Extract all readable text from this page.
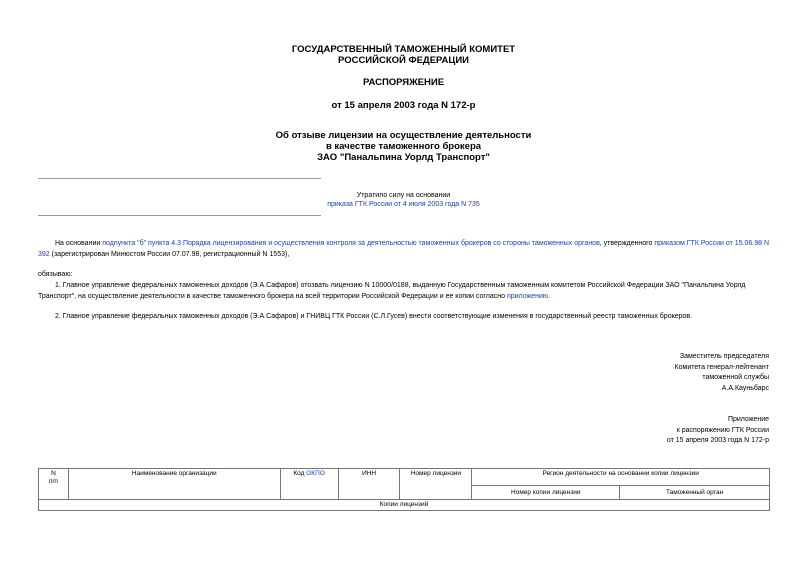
ГОСУДАРСТВЕННЫЙ ТАМОЖЕННЫЙ КОМИТЕТ
РОССИЙСКОЙ ФЕДЕРАЦИИ
РАСПОРЯЖЕНИЕ
от 15 апреля 2003 года N 172-р
Об отзыве лицензии на осуществление деятельности
в качестве таможенного брокера
ЗАО "Панальпина Уорлд Транспорт"
Утратило силу на основании
приказа ГТК России от 4 июля 2003 года N 735
На основании подпункта "б" пункта 4.3 Порядка лицензирования и осуществления контроля за деятельностью таможенных брокеров со стороны таможенных органов, утвержденного приказом ГТК России от 15.06.98 N 392 (зарегистрирован Минюстом России 07.07.98, регистрационный N 1553),
обязываю:
1. Главное управление федеральных таможенных доходов (Э.А.Сафаров) отозвать лицензию N 10000/0188, выданную Государственным таможенным комитетом Российской Федерации ЗАО "Панальпина Уорлд Транспорт", на осуществление деятельности в качестве таможенного брокера на всей территории Российской Федерации и ее копии согласно приложению.
2. Главное управление федеральных таможенных доходов (Э.А.Сафаров) и ГНИВЦ ГТК России (С.Л.Гусев) внести соответствующие изменения в государственный реестр таможенных брокеров.
Заместитель председателя
Комитета генерал-лейтенант
таможенной службы
А.А.Кауньбарс
Приложение
к распоряжению ГТК России
от 15 апреля 2003 года N 172-р
N
п/п	Наименование организации	Код ОКПО	ИНН	Номер лицензии	Регион деятельности на основании копии лицензии	
					Номер копии лицензии	Таможенный орган
Копии лицензий						
